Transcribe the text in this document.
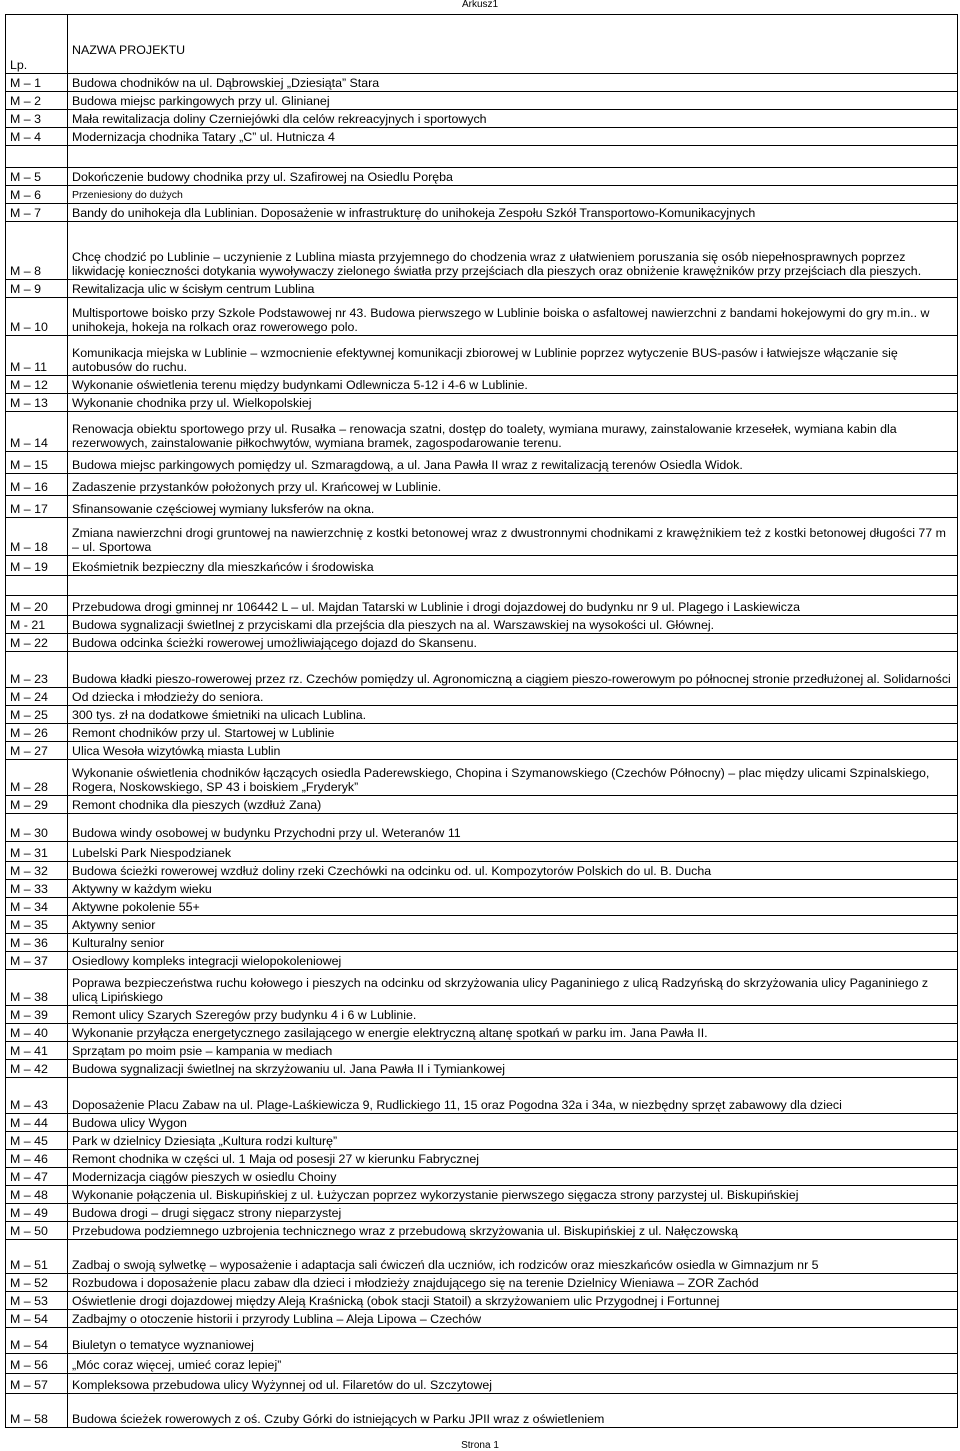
Arkusz1
Lp.	NAZWA PROJEKTU
M – 1	Budowa chodników na ul. Dąbrowskiej „Dziesiąta” Stara
M – 2	Budowa miejsc parkingowych przy ul. Glinianej
M – 3	Mała rewitalizacja doliny Czerniejówki dla celów rekreacyjnych i sportowych
M – 4	Modernizacja chodnika Tatary „C” ul. Hutnicza 4

M – 5	Dokończenie budowy chodnika przy ul. Szafirowej na Osiedlu Poręba
M – 6	Przeniesiony do dużych
M – 7	Bandy do unihokeja dla Lublinian. Doposażenie w infrastrukturę do unihokeja Zespołu Szkół Transportowo-Komunikacyjnych
M – 8	Chcę chodzić po Lublinie – uczynienie z Lublina miasta przyjemnego do chodzenia wraz z ułatwieniem poruszania się osób niepełnosprawnych poprzez likwidację konieczności dotykania wywoływaczy zielonego światła przy przejściach dla pieszych oraz obniżenie krawężników przy przejściach dla pieszych.
M – 9	Rewitalizacja ulic w ścisłym centrum Lublina
M – 10	Multisportowe boisko przy Szkole Podstawowej nr 43. Budowa pierwszego w Lublinie boiska o asfaltowej nawierzchni z bandami hokejowymi do gry m.in.. w unihokeja, hokeja na rolkach oraz rowerowego polo.
M – 11	Komunikacja miejska w Lublinie – wzmocnienie efektywnej komunikacji zbiorowej w Lublinie poprzez wytyczenie BUS-pasów i łatwiejsze włączanie się autobusów do ruchu.
M – 12	Wykonanie oświetlenia terenu między budynkami Odlewnicza 5-12 i 4-6 w Lublinie.
M – 13	Wykonanie chodnika przy ul. Wielkopolskiej
M – 14	Renowacja obiektu sportowego przy ul. Rusałka – renowacja szatni, dostęp do toalety, wymiana murawy, zainstalowanie krzesełek, wymiana kabin dla rezerwowych, zainstalowanie piłkochwytów, wymiana bramek, zagospodarowanie terenu.
M – 15	Budowa miejsc parkingowych pomiędzy ul. Szmaragdową, a ul. Jana Pawła II wraz z rewitalizacją terenów Osiedla Widok.
M – 16	Zadaszenie przystanków położonych przy ul. Krańcowej w Lublinie.
M – 17	Sfinansowanie częściowej wymiany luksferów na okna.
M – 18	Zmiana nawierzchni drogi gruntowej na nawierzchnię z kostki betonowej wraz z dwustronnymi chodnikami z krawężnikiem też z kostki betonowej długości 77 m – ul. Sportowa
M – 19	Ekośmietnik bezpieczny dla mieszkańców i środowiska

M – 20	Przebudowa drogi gminnej nr 106442 L – ul. Majdan Tatarski w Lublinie i drogi dojazdowej do budynku nr 9 ul. Plagego i Laskiewicza
M - 21	Budowa sygnalizacji świetlnej z przyciskami dla przejścia dla pieszych na al. Warszawskiej na wysokości ul. Głównej.
M – 22	Budowa odcinka ścieżki rowerowej umożliwiającego dojazd do Skansenu.
M – 23	Budowa kładki pieszo-rowerowej przez rz. Czechów pomiędzy ul. Agronomiczną a ciągiem pieszo-rowerowym po północnej stronie przedłużonej al. Solidarności
M – 24	Od dziecka i młodzieży do seniora.
M – 25	300 tys. zł na dodatkowe śmietniki na ulicach Lublina.
M – 26	Remont chodników przy ul. Startowej w Lublinie
M – 27	Ulica Wesoła wizytówką miasta Lublin
M – 28	Wykonanie oświetlenia chodników łączących osiedla Paderewskiego, Chopina i Szymanowskiego (Czechów Północny) – plac między ulicami Szpinalskiego, Rogera, Noskowskiego, SP 43 i boiskiem „Fryderyk”
M – 29	Remont chodnika dla pieszych (wzdłuż Zana)
M – 30	Budowa windy osobowej w budynku Przychodni przy ul. Weteranów 11
M – 31	Lubelski Park Niespodzianek
M – 32	Budowa ścieżki rowerowej wzdłuż doliny rzeki Czechówki na odcinku od. ul. Kompozytorów Polskich do ul. B. Ducha
M – 33	Aktywny w każdym wieku
M – 34	Aktywne pokolenie 55+
M – 35	Aktywny senior
M – 36	Kulturalny senior
M – 37	Osiedlowy kompleks integracji wielopokoleniowej
M – 38	Poprawa bezpieczeństwa ruchu kołowego i pieszych na odcinku od skrzyżowania ulicy Paganiniego z ulicą Radzyńską do skrzyżowania ulicy Paganiniego z ulicą Lipińskiego
M – 39	Remont ulicy Szarych Szeregów przy budynku 4 i 6 w Lublinie.
M – 40	Wykonanie przyłącza energetycznego zasilającego w energie elektryczną altanę spotkań w parku im. Jana Pawła II.
M – 41	Sprzątam po moim psie – kampania w mediach
M – 42	Budowa sygnalizacji świetlnej na skrzyżowaniu ul. Jana Pawła II i Tymiankowej
M – 43	Doposażenie Placu Zabaw na ul. Plage-Laśkiewicza 9, Rudlickiego 11, 15 oraz Pogodna 32a i 34a, w niezbędny sprzęt zabawowy dla dzieci
M – 44	Budowa ulicy Wygon
M – 45	Park w dzielnicy Dziesiąta „Kultura rodzi kulturę”
M – 46	Remont chodnika w części ul. 1 Maja od posesji 27 w kierunku Fabrycznej
M – 47	Modernizacja ciągów pieszych w osiedlu Choiny
M – 48	Wykonanie połączenia ul. Biskupińskiej z ul. Łużyczan poprzez wykorzystanie pierwszego sięgacza strony parzystej ul. Biskupińskiej
M – 49	Budowa drogi – drugi sięgacz strony nieparzystej
M – 50	Przebudowa podziemnego uzbrojenia technicznego wraz z przebudową skrzyżowania ul. Biskupińskiej z ul. Nałęczowską
M – 51	Zadbaj o swoją sylwetkę – wyposażenie i adaptacja sali ćwiczeń dla uczniów, ich rodziców oraz mieszkańców osiedla w Gimnazjum nr 5
M – 52	Rozbudowa i doposażenie placu zabaw dla dzieci i młodzieży znajdującego się na terenie Dzielnicy Wieniawa – ZOR Zachód
M – 53	Oświetlenie drogi dojazdowej między Aleją Kraśnicką (obok stacji Statoil) a skrzyżowaniem ulic Przygodnej i Fortunnej
M – 54	Zadbajmy o otoczenie historii i przyrody Lublina – Aleja Lipowa – Czechów
M – 54	Biuletyn o tematyce wyznaniowej
M – 56	„Móc coraz więcej, umieć coraz lepiej”
M – 57	Kompleksowa przebudowa ulicy Wyżynnej od ul. Filaretów do ul. Szczytowej
M – 58	Budowa ścieżek rowerowych z oś. Czuby Górki do istniejących w Parku JPII wraz z oświetleniem
Strona 1
